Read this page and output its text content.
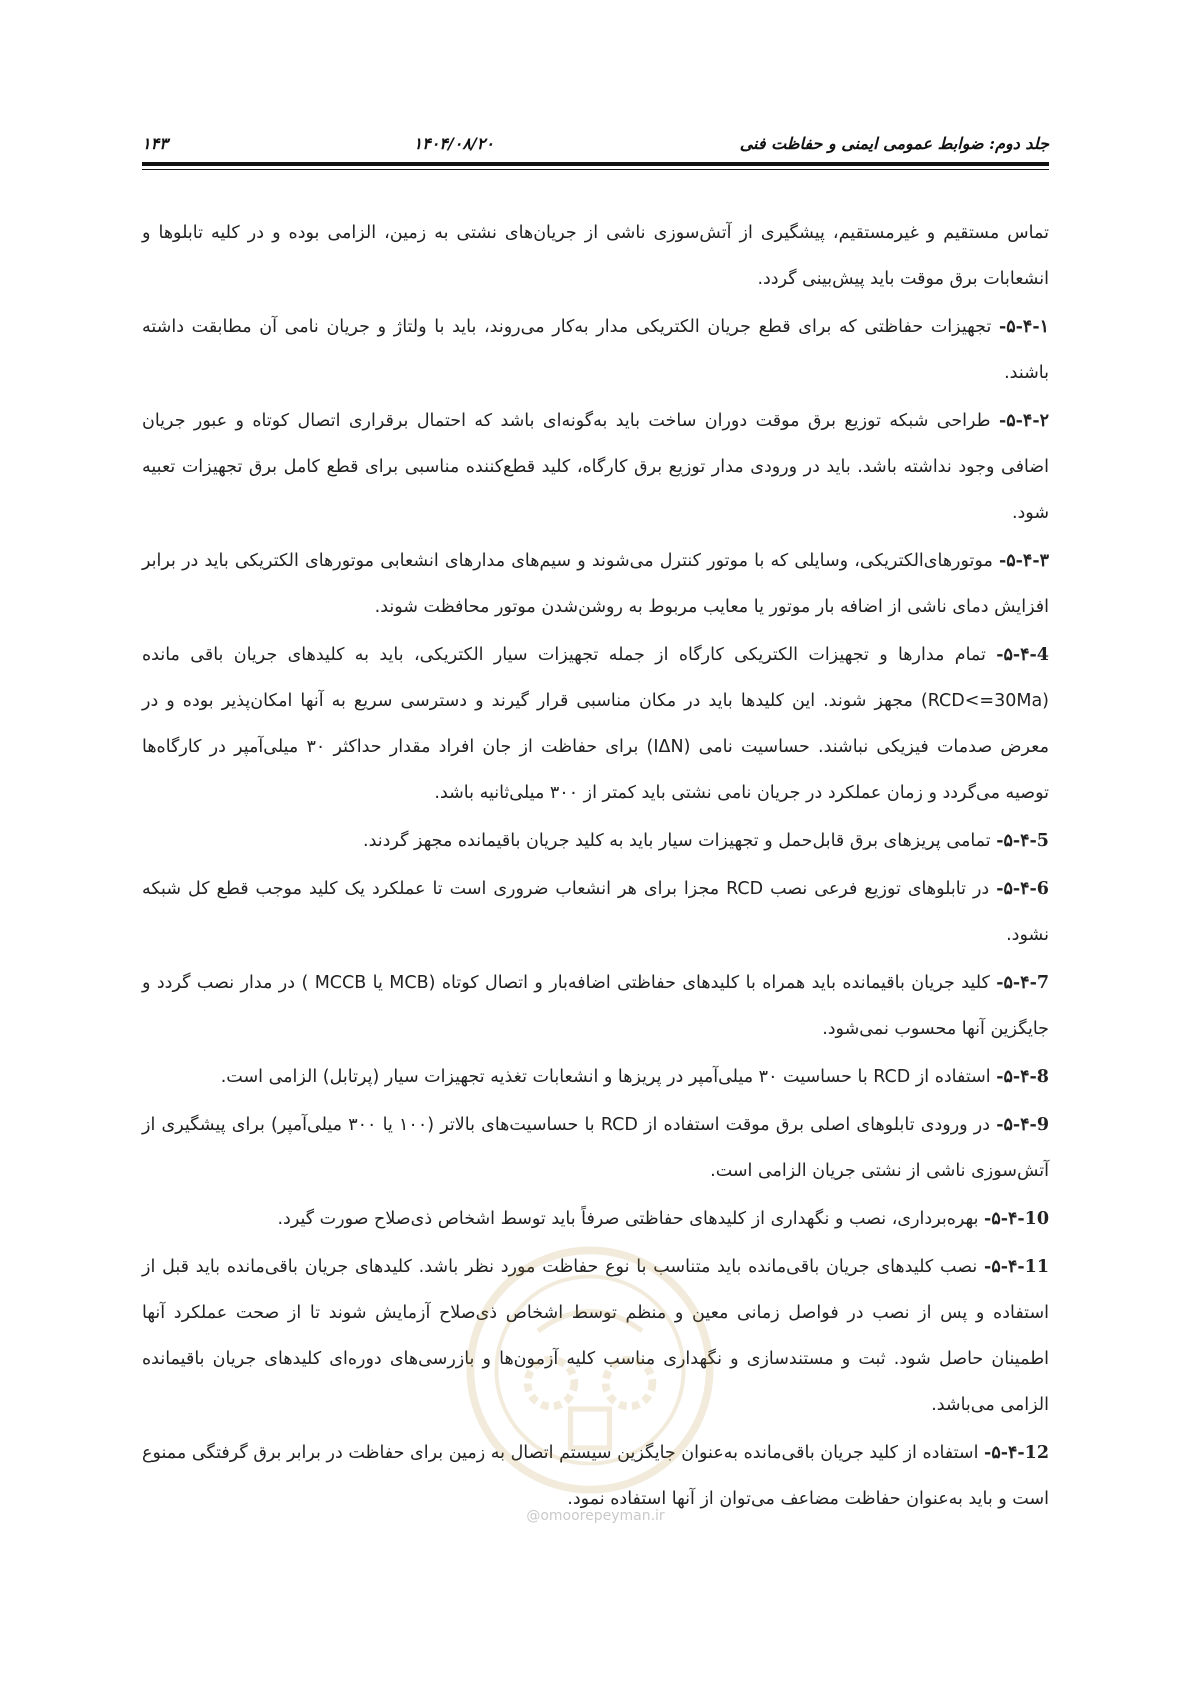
جلد دوم: ضوابط عمومی ایمنی و حفاظت فنی
۱۴۰۴/۰۸/۲۰
۱۴۳

تماس مستقیم و غیرمستقیم، پیشگیری از آتش‌سوزی ناشی از جریان‌های نشتی به زمین، الزامی بوده و در کلیه تابلوها و انشعابات برق موقت باید پیش‌بینی گردد.

۵-۴-۱- تجهیزات حفاظتی که برای قطع جریان الکتریکی مدار به‌کار می‌روند، باید با ولتاژ و جریان نامی آن مطابقت داشته باشند.

۵-۴-۲- طراحی شبکه توزیع برق موقت دوران ساخت باید به‌گونه‌ای باشد که احتمال برقراری اتصال کوتاه و عبور جریان اضافی وجود نداشته باشد. باید در ورودی مدار توزیع برق کارگاه، کلید قطع‌کننده مناسبی برای قطع کامل برق تجهیزات تعبیه شود.

۵-۴-۳- موتورهای‌الکتریکی، وسایلی که با موتور کنترل می‌شوند و سیم‌های مدارهای انشعابی موتورهای الکتریکی باید در برابر افزایش دمای ناشی از اضافه بار موتور یا معایب مربوط به روشن‌شدن موتور محافظت شوند.

۵-۴-4- تمام مدارها و تجهیزات الکتریکی کارگاه از جمله تجهیزات سیار الکتریکی، باید به کلیدهای جریان باقی مانده (RCD<=30Ma) مجهز شوند. این کلیدها باید در مکان مناسبی قرار گیرند و دسترسی سریع به آنها امکان‌پذیر بوده و در معرض صدمات فیزیکی نباشند. حساسیت نامی (IΔN) برای حفاظت از جان افراد مقدار حداکثر ۳۰ میلی‌آمپر در کارگاه‌ها توصیه می‌گردد و زمان عملکرد در جریان نامی نشتی باید کمتر از ۳۰۰ میلی‌ثانیه باشد.

۵-۴-5- تمامی پریزهای برق قابل‌حمل و تجهیزات سیار باید به کلید جریان باقیمانده مجهز گردند.

۵-۴-6- در تابلوهای توزیع فرعی نصب RCD مجزا برای هر انشعاب ضروری است تا عملکرد یک کلید موجب قطع کل شبکه نشود.

۵-۴-7- کلید جریان باقیمانده باید همراه با کلیدهای حفاظتی اضافه‌بار و اتصال کوتاه (MCB یا MCCB ) در مدار نصب گردد و جایگزین آنها محسوب نمی‌شود.

۵-۴-8- استفاده از RCD با حساسیت ۳۰ میلی‌آمپر در پریزها و انشعابات تغذیه تجهیزات سیار (پرتابل) الزامی است.

۵-۴-9- در ورودی تابلوهای اصلی برق موقت استفاده از RCD با حساسیت‌های بالاتر (۱۰۰ یا ۳۰۰ میلی‌آمپر) برای پیشگیری از آتش‌سوزی ناشی از نشتی جریان الزامی است.

۵-۴-10- بهره‌برداری، نصب و نگهداری از کلیدهای حفاظتی صرفاً باید توسط اشخاص ذی‌صلاح صورت گیرد.

۵-۴-11- نصب کلیدهای جریان باقی‌مانده باید متناسب با نوع حفاظت مورد نظر باشد. کلیدهای جریان باقی‌مانده باید قبل از استفاده و پس از نصب در فواصل زمانی معین و منظم توسط اشخاص ذی‌صلاح آزمایش شوند تا از صحت عملکرد آنها اطمینان حاصل شود. ثبت و مستندسازی و نگهداری مناسب کلیه آزمون‌ها و بازرسی‌های دوره‌ای کلیدهای جریان باقیمانده الزامی می‌باشد.

۵-۴-12- استفاده از کلید جریان باقی‌مانده به‌عنوان جایگزین سیستم اتصال به زمین برای حفاظت در برابر برق گرفتگی ممنوع است و باید به‌عنوان حفاظت مضاعف می‌توان از آنها استفاده نمود.

@omoorepeyman.ir
